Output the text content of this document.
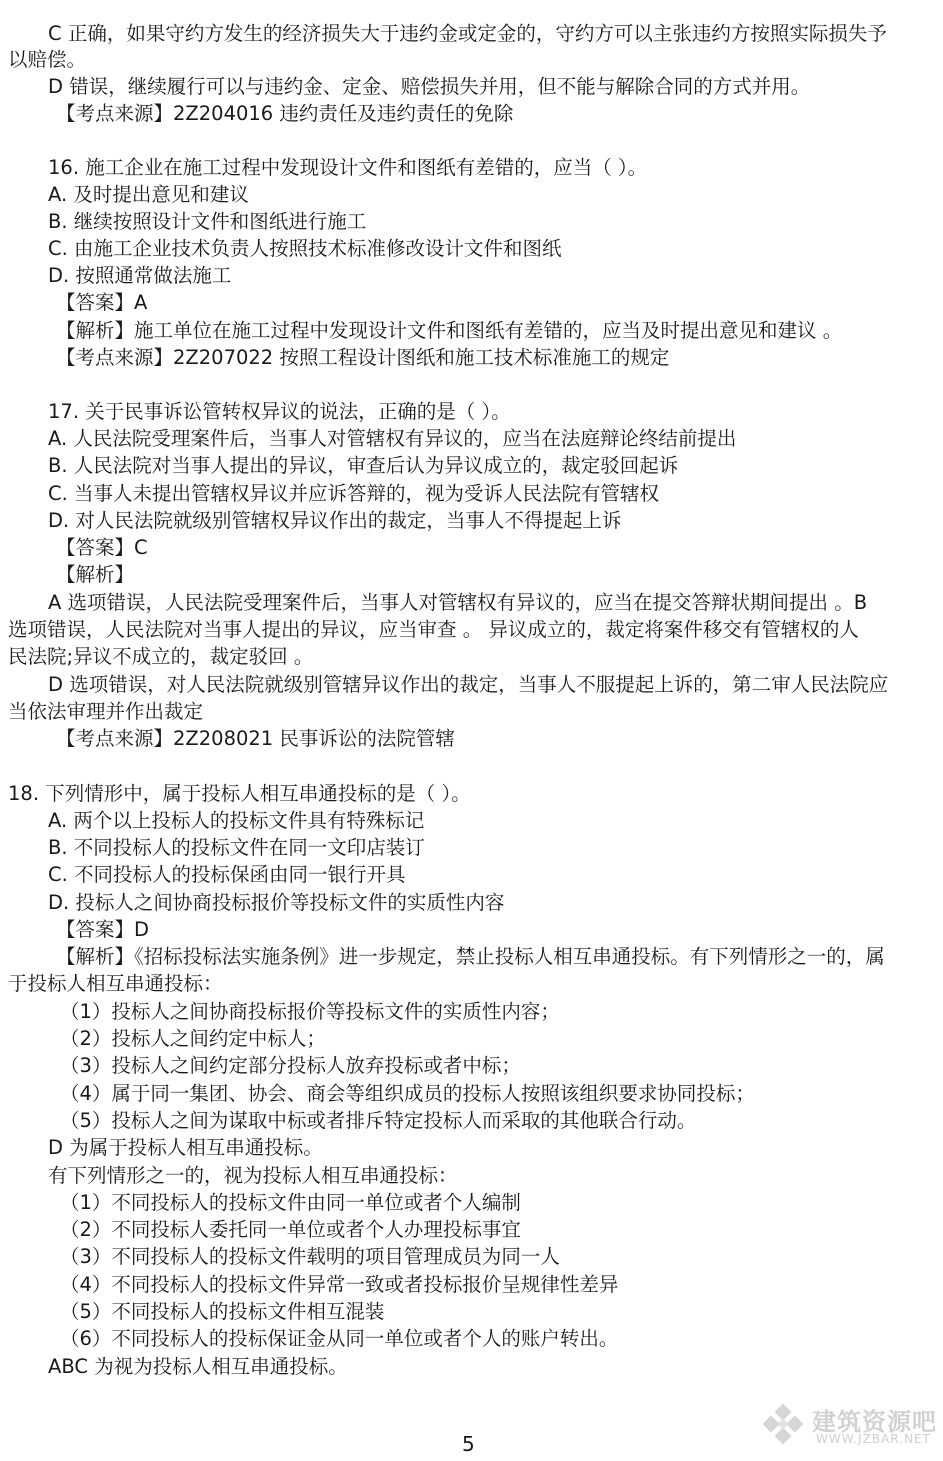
C 正确，如果守约方发生的经济损失大于违约金或定金的，守约方可以主张违约方按照实际损失予
以赔偿。
D 错误，继续履行可以与违约金、定金、赔偿损失并用，但不能与解除合同的方式并用。
【考点来源】2Z204016 违约责任及违约责任的免除
16. 施工企业在施工过程中发现设计文件和图纸有差错的，应当（ ）。
A. 及时提出意见和建议
B. 继续按照设计文件和图纸进行施工
C. 由施工企业技术负责人按照技术标准修改设计文件和图纸
D. 按照通常做法施工
【答案】A
【解析】施工单位在施工过程中发现设计文件和图纸有差错的，应当及时提出意见和建议 。
【考点来源】2Z207022 按照工程设计图纸和施工技术标准施工的规定
17. 关于民事诉讼管转权异议的说法，正确的是（ ）。
A. 人民法院受理案件后，当事人对管辖权有异议的，应当在法庭辩论终结前提出
B. 人民法院对当事人提出的异议，审查后认为异议成立的，裁定驳回起诉
C. 当事人未提出管辖权异议并应诉答辩的，视为受诉人民法院有管辖权
D. 对人民法院就级别管辖权异议作出的裁定，当事人不得提起上诉
【答案】C
【解析】
A 选项错误，人民法院受理案件后，当事人对管辖权有异议的，应当在提交答辩状期间提出 。B
选项错误，人民法院对当事人提出的异议，应当审查 。 异议成立的，裁定将案件移交有管辖权的人
民法院;异议不成立的，裁定驳回 。
D 选项错误，对人民法院就级别管辖异议作出的裁定，当事人不服提起上诉的，第二审人民法院应
当依法审理并作出裁定
【考点来源】2Z208021 民事诉讼的法院管辖
18. 下列情形中，属于投标人相互串通投标的是（ ）。
A. 两个以上投标人的投标文件具有特殊标记
B. 不同投标人的投标文件在同一文印店装订
C. 不同投标人的投标保函由同一银行开具
D. 投标人之间协商投标报价等投标文件的实质性内容
【答案】D
【解析】《招标投标法实施条例》进一步规定，禁止投标人相互串通投标。有下列情形之一的，属
于投标人相互串通投标：
（1）投标人之间协商投标报价等投标文件的实质性内容；
（2）投标人之间约定中标人；
（3）投标人之间约定部分投标人放弃投标或者中标；
（4）属于同一集团、协会、商会等组织成员的投标人按照该组织要求协同投标；
（5）投标人之间为谋取中标或者排斥特定投标人而采取的其他联合行动。
D 为属于投标人相互串通投标。
有下列情形之一的，视为投标人相互串通投标：
（1）不同投标人的投标文件由同一单位或者个人编制
（2）不同投标人委托同一单位或者个人办理投标事宜
（3）不同投标人的投标文件载明的项目管理成员为同一人
（4）不同投标人的投标文件异常一致或者投标报价呈规律性差异
（5）不同投标人的投标文件相互混装
（6）不同投标人的投标保证金从同一单位或者个人的账户转出。
ABC 为视为投标人相互串通投标。
5
建筑资源吧
WWW.JZBAR.NET
